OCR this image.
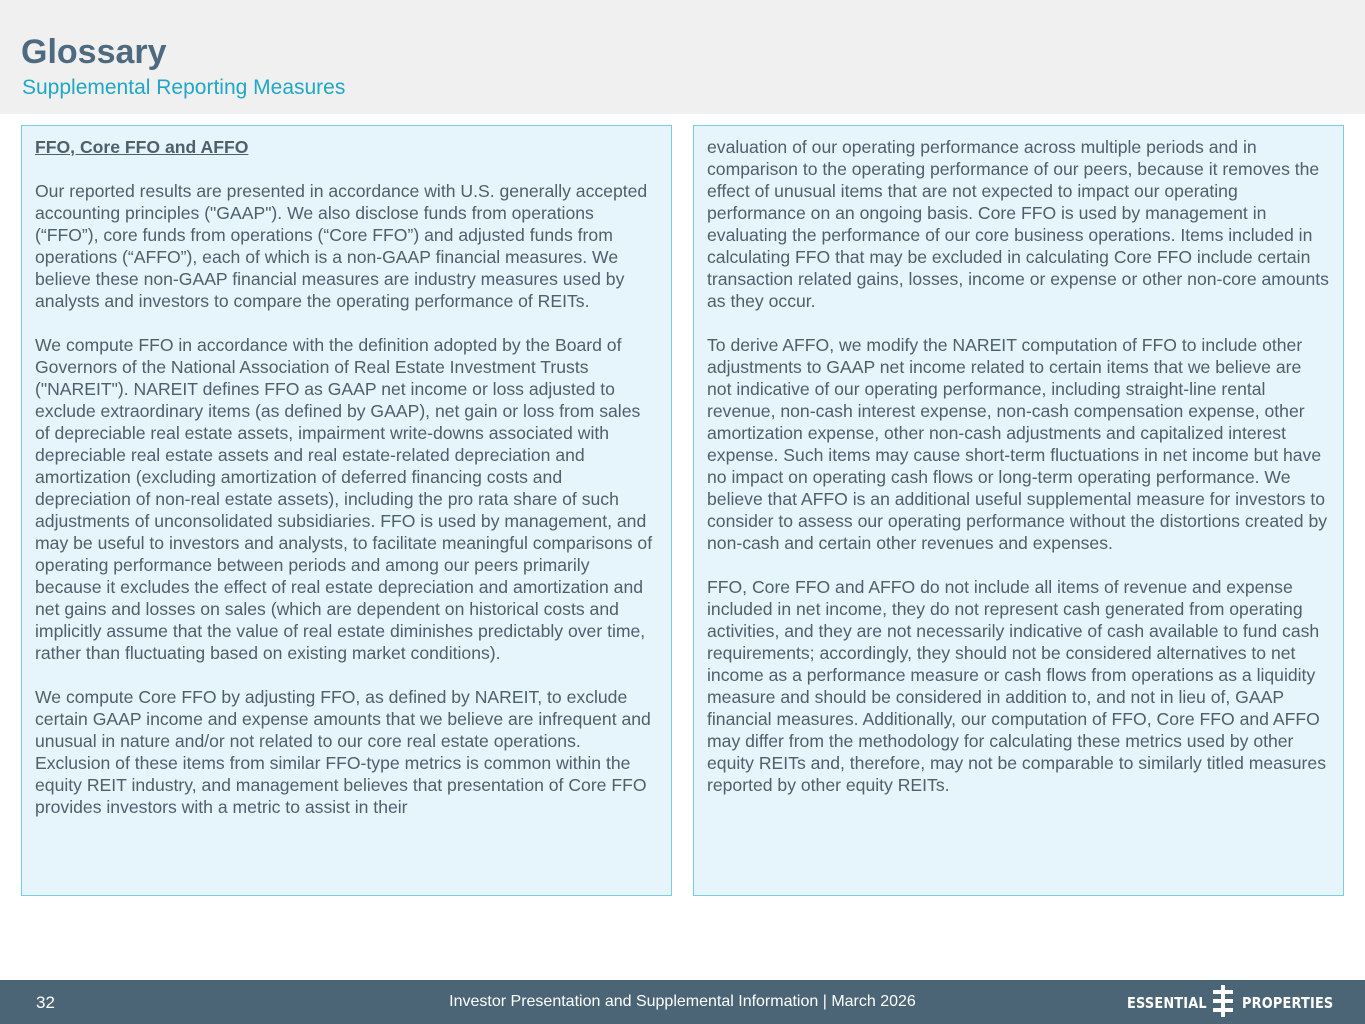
Glossary
Supplemental Reporting Measures
FFO, Core FFO and AFFO

Our reported results are presented in accordance with U.S. generally accepted accounting principles ("GAAP"). We also disclose funds from operations (“FFO”), core funds from operations (“Core FFO”) and adjusted funds from operations (“AFFO”), each of which is a non-GAAP financial measures. We believe these non-GAAP financial measures are industry measures used by analysts and investors to compare the operating performance of REITs.

We compute FFO in accordance with the definition adopted by the Board of Governors of the National Association of Real Estate Investment Trusts ("NAREIT"). NAREIT defines FFO as GAAP net income or loss adjusted to exclude extraordinary items (as defined by GAAP), net gain or loss from sales of depreciable real estate assets, impairment write-downs associated with depreciable real estate assets and real estate-related depreciation and amortization (excluding amortization of deferred financing costs and depreciation of non-real estate assets), including the pro rata share of such adjustments of unconsolidated subsidiaries. FFO is used by management, and may be useful to investors and analysts, to facilitate meaningful comparisons of operating performance between periods and among our peers primarily because it excludes the effect of real estate depreciation and amortization and net gains and losses on sales (which are dependent on historical costs and implicitly assume that the value of real estate diminishes predictably over time, rather than fluctuating based on existing market conditions).

We compute Core FFO by adjusting FFO, as defined by NAREIT, to exclude certain GAAP income and expense amounts that we believe are infrequent and unusual in nature and/or not related to our core real estate operations. Exclusion of these items from similar FFO-type metrics is common within the equity REIT industry, and management believes that presentation of Core FFO provides investors with a metric to assist in their

evaluation of our operating performance across multiple periods and in comparison to the operating performance of our peers, because it removes the effect of unusual items that are not expected to impact our operating performance on an ongoing basis. Core FFO is used by management in evaluating the performance of our core business operations. Items included in calculating FFO that may be excluded in calculating Core FFO include certain transaction related gains, losses, income or expense or other non-core amounts as they occur.

To derive AFFO, we modify the NAREIT computation of FFO to include other adjustments to GAAP net income related to certain items that we believe are not indicative of our operating performance, including straight-line rental revenue, non-cash interest expense, non-cash compensation expense, other amortization expense, other non-cash adjustments and capitalized interest expense. Such items may cause short-term fluctuations in net income but have no impact on operating cash flows or long-term operating performance. We believe that AFFO is an additional useful supplemental measure for investors to consider to assess our operating performance without the distortions created by non-cash and certain other revenues and expenses.

FFO, Core FFO and AFFO do not include all items of revenue and expense included in net income, they do not represent cash generated from operating activities, and they are not necessarily indicative of cash available to fund cash requirements; accordingly, they should not be considered alternatives to net income as a performance measure or cash flows from operations as a liquidity measure and should be considered in addition to, and not in lieu of, GAAP financial measures. Additionally, our computation of FFO, Core FFO and AFFO may differ from the methodology for calculating these metrics used by other equity REITs and, therefore, may not be comparable to similarly titled measures reported by other equity REITs.

32	Investor Presentation and Supplemental Information | March 2026	ESSENTIAL PROPERTIES
